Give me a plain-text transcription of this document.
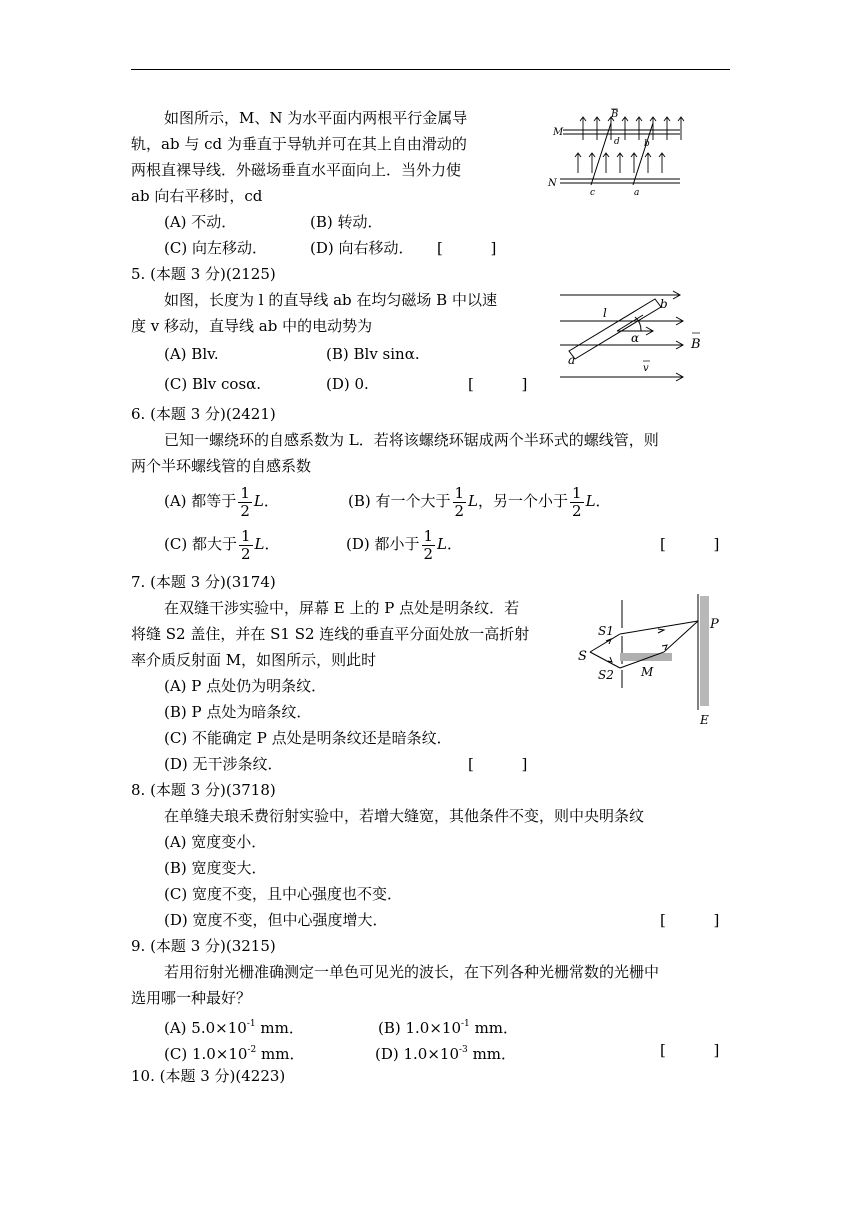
如图所示，M、N 为水平面内两根平行金属导
轨，ab 与 cd 为垂直于导轨并可在其上自由滑动的
两根直裸导线．外磁场垂直水平面向上．当外力使
ab 向右平移时，cd
(A) 不动．	(B) 转动．
(C) 向左移动．	(D) 向右移动． [          ]
M
N
B
d	b
c	a
5. (本题 3 分)(2125)
如图，长度为 l 的直导线 ab 在均匀磁场 B 中以速
度 v 移动，直导线 ab 中的电动势为
(A) Blv.	(B) Blv sinα.
(C) Blv cosα.	(D) 0.	[          ]
l
b
a
α	B
v
6. (本题 3 分)(2421)
已知一螺绕环的自感系数为 L．若将该螺绕环锯成两个半环式的螺线管，则
两个半环螺线管的自感系数
(A) 都等于 $\frac{1}{2}$ L．	(B) 有一个大于 $\frac{1}{2}$ L，另一个小于 $\frac{1}{2}$ L．
(C) 都大于 $\frac{1}{2}$ L．	(D) 都小于 $\frac{1}{2}$ L．	[          ]
7. (本题 3 分)(3174)
在双缝干涉实验中，屏幕 E 上的 P 点处是明条纹．若
将缝 S2 盖住，并在 S1 S2 连线的垂直平分面处放一高折射
率介质反射面 M，如图所示，则此时
(A) P 点处仍为明条纹．
(B) P 点处为暗条纹．
(C) 不能确定 P 点处是明条纹还是暗条纹．
(D) 无干涉条纹．	[          ]
S
S1
S2 M
P
E
8. (本题 3 分)(3718)
在单缝夫琅禾费衍射实验中，若增大缝宽，其他条件不变，则中央明条纹
(A) 宽度变小．
(B) 宽度变大．
(C) 宽度不变，且中心强度也不变．
(D) 宽度不变，但中心强度增大．	[          ]
9. (本题 3 分)(3215)
若用衍射光栅准确测定一单色可见光的波长，在下列各种光栅常数的光栅中
选用哪一种最好？
(A) $5.0\times 10^{-1}$ mm．	(B) $1.0\times 10^{-1}$ mm．
(C) $1.0\times 10^{-2}$ mm．	(D) $1.0\times 10^{-3}$ mm．	[          ]
10. (本题 3 分)(4223)
